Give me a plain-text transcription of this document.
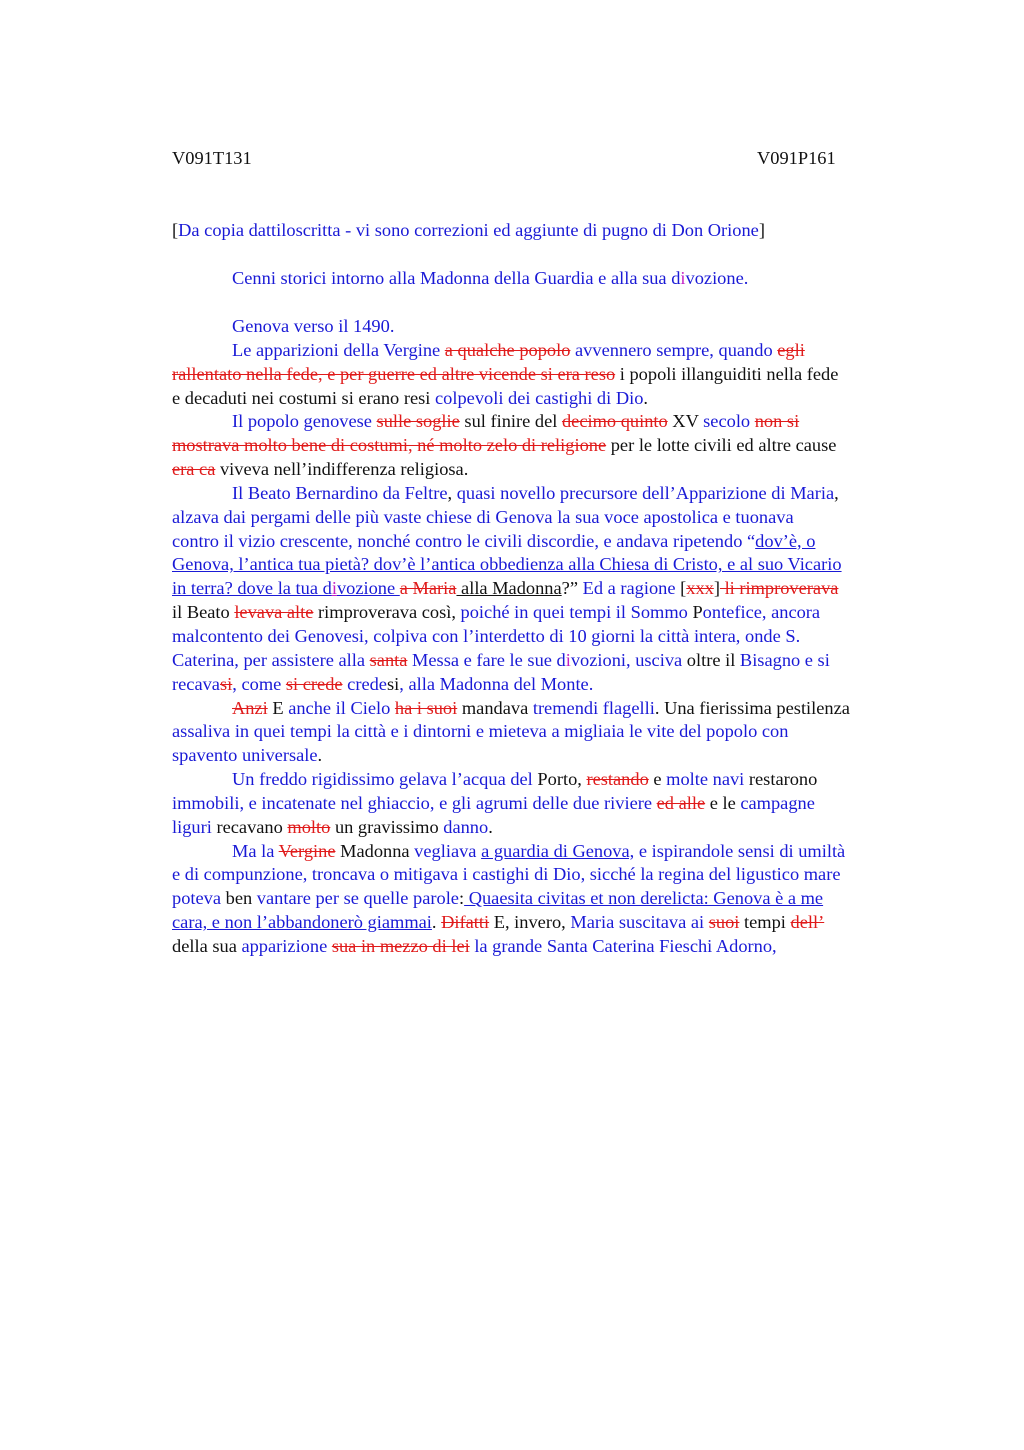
V091T131	V091P161
[Da copia dattiloscritta - vi sono correzioni ed aggiunte di pugno di Don Orione]
Cenni storici intorno alla Madonna della Guardia e alla sua divozione.
Genova verso il 1490.
Le apparizioni della Vergine a qualche popolo avvennero sempre, quando egli
rallentato nella fede, e per guerre ed altre vicende si era reso i popoli illanguiditi nella fede
e decaduti nei costumi si erano resi colpevoli dei castighi di Dio.
Il popolo genovese sulle soglie sul finire del decimo quinto XV secolo non si
mostrava molto bene di costumi, né molto zelo di religione per le lotte civili ed altre cause
era ca viveva nell’indifferenza religiosa.
Il Beato Bernardino da Feltre, quasi novello precursore dell’Apparizione di Maria,
alzava dai pergami delle più vaste chiese di Genova la sua voce apostolica e tuonava
contro il vizio crescente, nonché contro le civili discordie, e andava ripetendo “dov’è, o
Genova, l’antica tua pietà? dov’è l’antica obbedienza alla Chiesa di Cristo, e al suo Vicario
in terra? dove la tua divozione a Maria alla Madonna?” Ed a ragione [xxx] li rimproverava
il Beato levava alte rimproverava così, poiché in quei tempi il Sommo Pontefice, ancora
malcontento dei Genovesi, colpiva con l’interdetto di 10 giorni la città intera, onde S.
Caterina, per assistere alla santa Messa e fare le sue divozioni, usciva oltre il Bisagno e si
recavasi, come si crede credesi, alla Madonna del Monte.
Anzi E anche il Cielo ha i suoi mandava tremendi flagelli. Una fierissima pestilenza
assaliva in quei tempi la città e i dintorni e mieteva a migliaia le vite del popolo con
spavento universale.
Un freddo rigidissimo gelava l’acqua del Porto, restando e molte navi restarono
immobili, e incatenate nel ghiaccio, e gli agrumi delle due riviere ed alle e le campagne
liguri recavano molto un gravissimo danno.
Ma la Vergine Madonna vegliava a guardia di Genova, e ispirandole sensi di umiltà
e di compunzione, troncava o mitigava i castighi di Dio, sicché la regina del ligustico mare
poteva ben vantare per se quelle parole: Quaesita civitas et non derelicta: Genova è a me
cara, e non l’abbandonerò giammai. Difatti E, invero, Maria suscitava ai suoi tempi dell’
della sua apparizione sua in mezzo di lei la grande Santa Caterina Fieschi Adorno,
